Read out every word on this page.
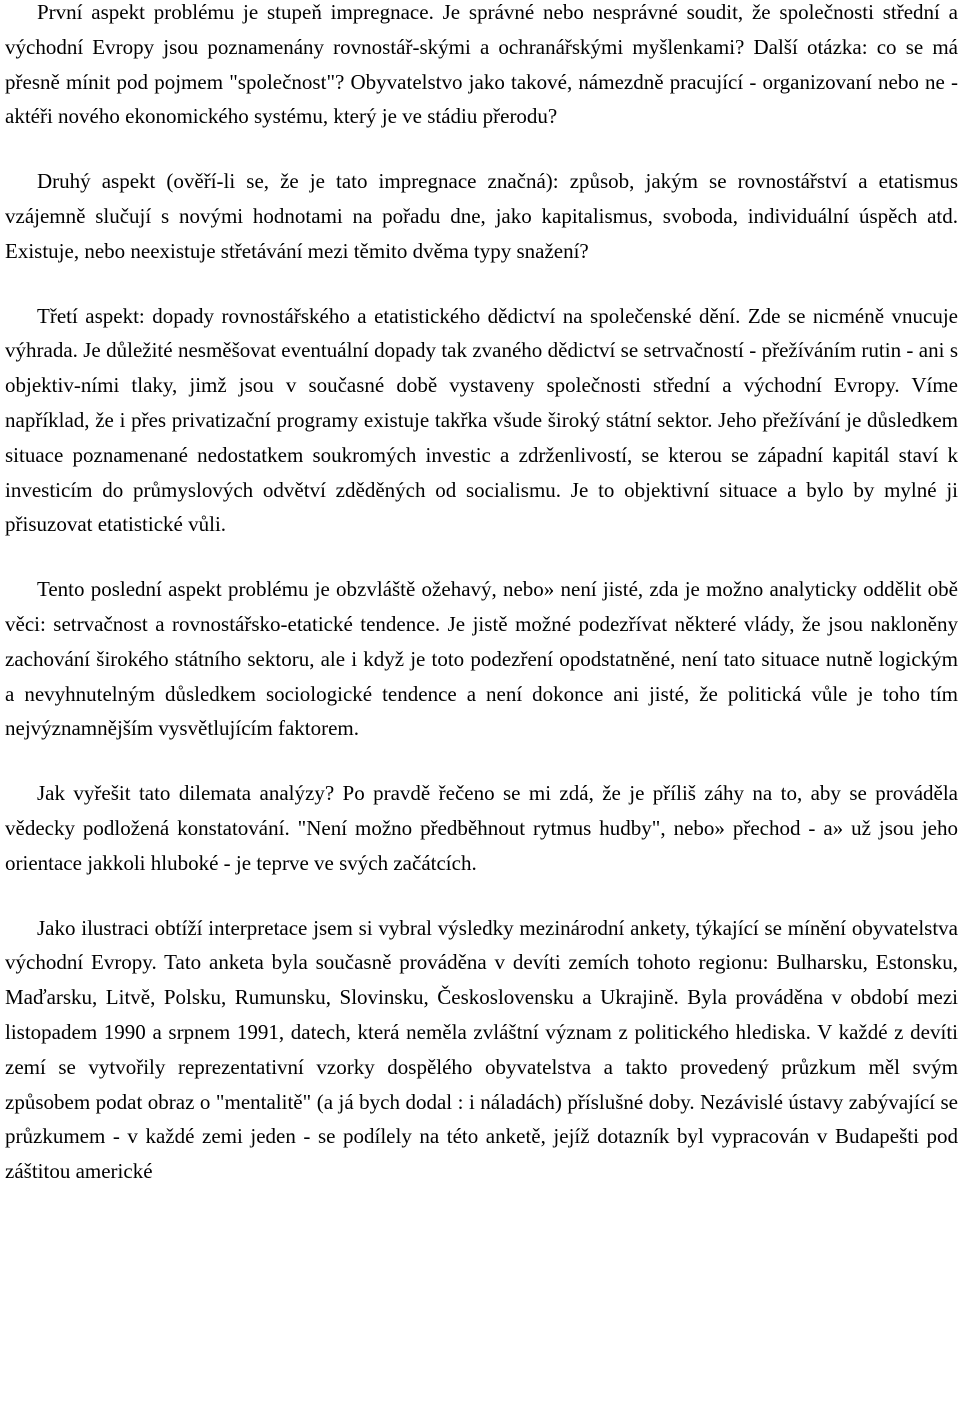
První aspekt problému je stupeň impregnace. Je správné nebo nesprávné soudit, že společnosti střední a východní Evropy jsou poznamenány rovnostář-skými a ochranářskými myšlenkami? Další otázka: co se má přesně mínit pod pojmem "společnost"? Obyvatelstvo jako takové, námezdně pracující - organizovaní nebo ne - aktéři nového ekonomického systému, který je ve stádiu přerodu?

Druhý aspekt (ověří-li se, že je tato impregnace značná): způsob, jakým se rovnostářství a etatismus vzájemně slučují s novými hodnotami na pořadu dne, jako kapitalismus, svoboda, individuální úspěch atd. Existuje, nebo neexistuje střetávání mezi těmito dvěma typy snažení?

Třetí aspekt: dopady rovnostářského a etatistického dědictví na společenské dění. Zde se nicméně vnucuje výhrada. Je důležité nesměšovat eventuální dopady tak zvaného dědictví se setrvačností - přežíváním rutin - ani s objektiv-ními tlaky, jimž jsou v současné době vystaveny společnosti střední a východní Evropy. Víme například, že i přes privatizační programy existuje takřka všude široký státní sektor. Jeho přežívání je důsledkem situace poznamenané nedostatkem soukromých investic a zdrženlivostí, se kterou se západní kapitál staví k investicím do průmyslových odvětví zděděných od socialismu. Je to objektivní situace a bylo by mylné ji přisuzovat etatistické vůli.

Tento poslední aspekt problému je obzvláště ožehavý, nebo» není jisté, zda je možno analyticky oddělit obě věci: setrvačnost a rovnostářsko-etatické tendence. Je jistě možné podezřívat některé vlády, že jsou nakloněny zachování širokého státního sektoru, ale i když je toto podezření opodstatněné, není tato situace nutně logickým a nevyhnutelným důsledkem sociologické tendence a není dokonce ani jisté, že politická vůle je toho tím nejvýznamnějším vysvětlujícím faktorem.

Jak vyřešit tato dilemata analýzy? Po pravdě řečeno se mi zdá, že je příliš záhy na to, aby se prováděla vědecky podložená konstatování. "Není možno předběhnout rytmus hudby", nebo» přechod - a» už jsou jeho orientace jakkoli hluboké - je teprve ve svých začátcích.

Jako ilustraci obtíží interpretace jsem si vybral výsledky mezinárodní ankety, týkající se mínění obyvatelstva východní Evropy. Tato anketa byla současně prováděna v devíti zemích tohoto regionu: Bulharsku, Estonsku, Maďarsku, Litvě, Polsku, Rumunsku, Slovinsku, Československu a Ukrajině. Byla prováděna v období mezi listopadem 1990 a srpnem 1991, datech, která neměla zvláštní význam z politického hlediska. V každé z devíti zemí se vytvořily reprezentativní vzorky dospělého obyvatelstva a takto provedený průzkum měl svým způsobem podat obraz o "mentalitě" (a já bych dodal : i náladách) příslušné doby. Nezávislé ústavy zabývající se průzkumem - v každé zemi jeden - se podílely na této anketě, jejíž dotazník byl vypracován v Budapešti pod záštitou americké
